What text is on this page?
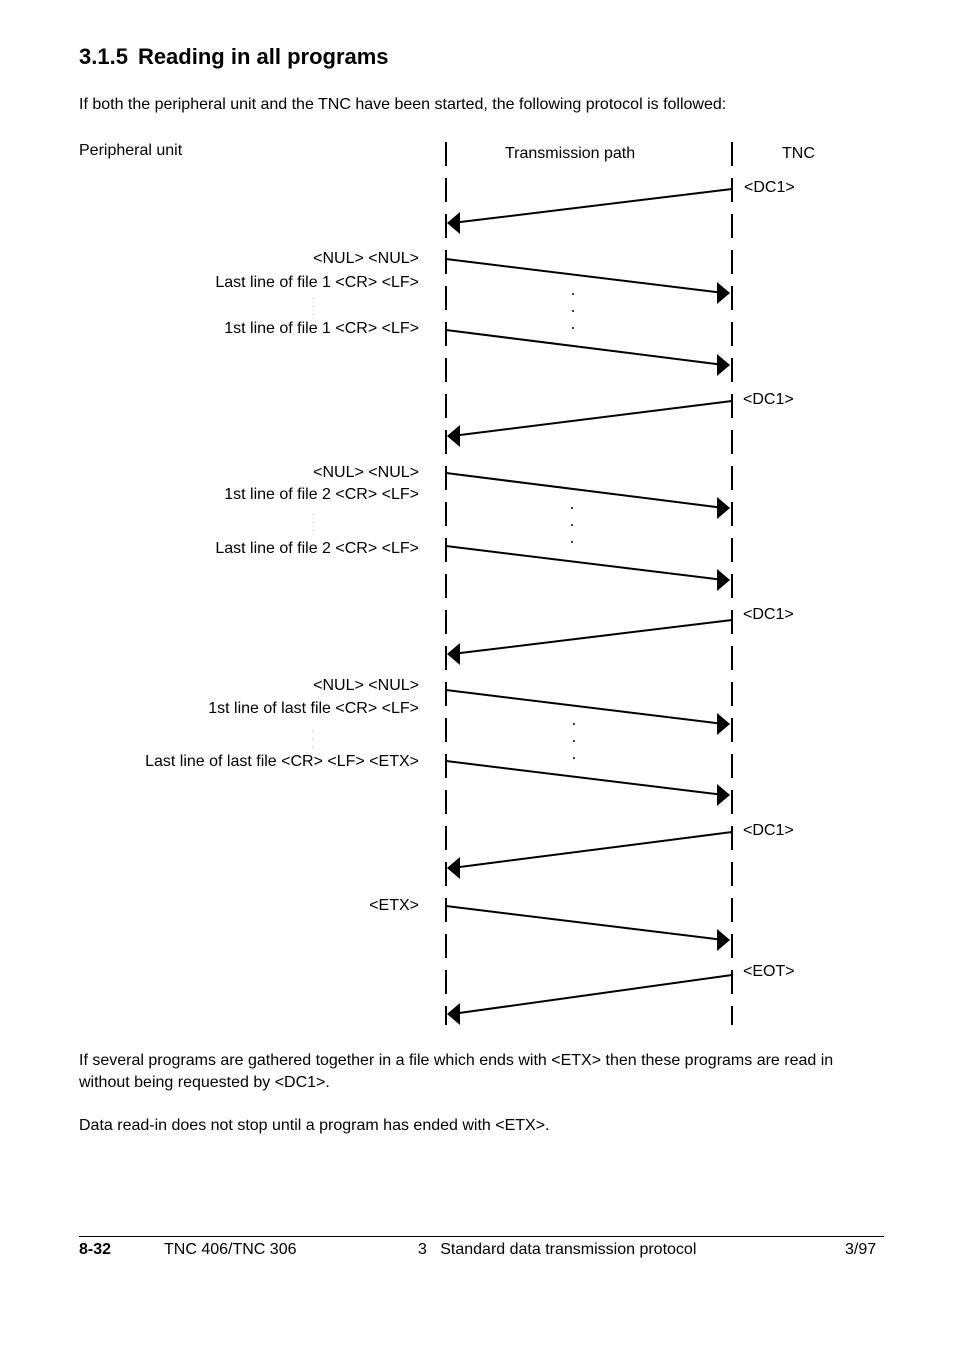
3.1.5 Reading in all programs
If both the peripheral unit and the TNC have been started, the following protocol is followed:
Peripheral unit	Transmission path	TNC
<DC1>
<DC1>
<DC1>
<DC1>
<EOT>
<NUL> <NUL>
Last line of file 1 <CR> <LF>
1st line of file 1 <CR> <LF>
<NUL> <NUL>
1st line of file 2 <CR> <LF>
Last line of file 2 <CR> <LF>
<NUL> <NUL>
1st line of last file <CR> <LF>
Last line of last file <CR> <LF> <ETX>
<ETX>
·
·
·
·
·
·
·
·
·
If several programs are gathered together in a file which ends with <ETX> then these programs are read in without being requested by <DC1>.
Data read-in does not stop until a program has ended with <ETX>.
8-32	TNC 406/TNC 306	3   Standard data transmission protocol	3/97
